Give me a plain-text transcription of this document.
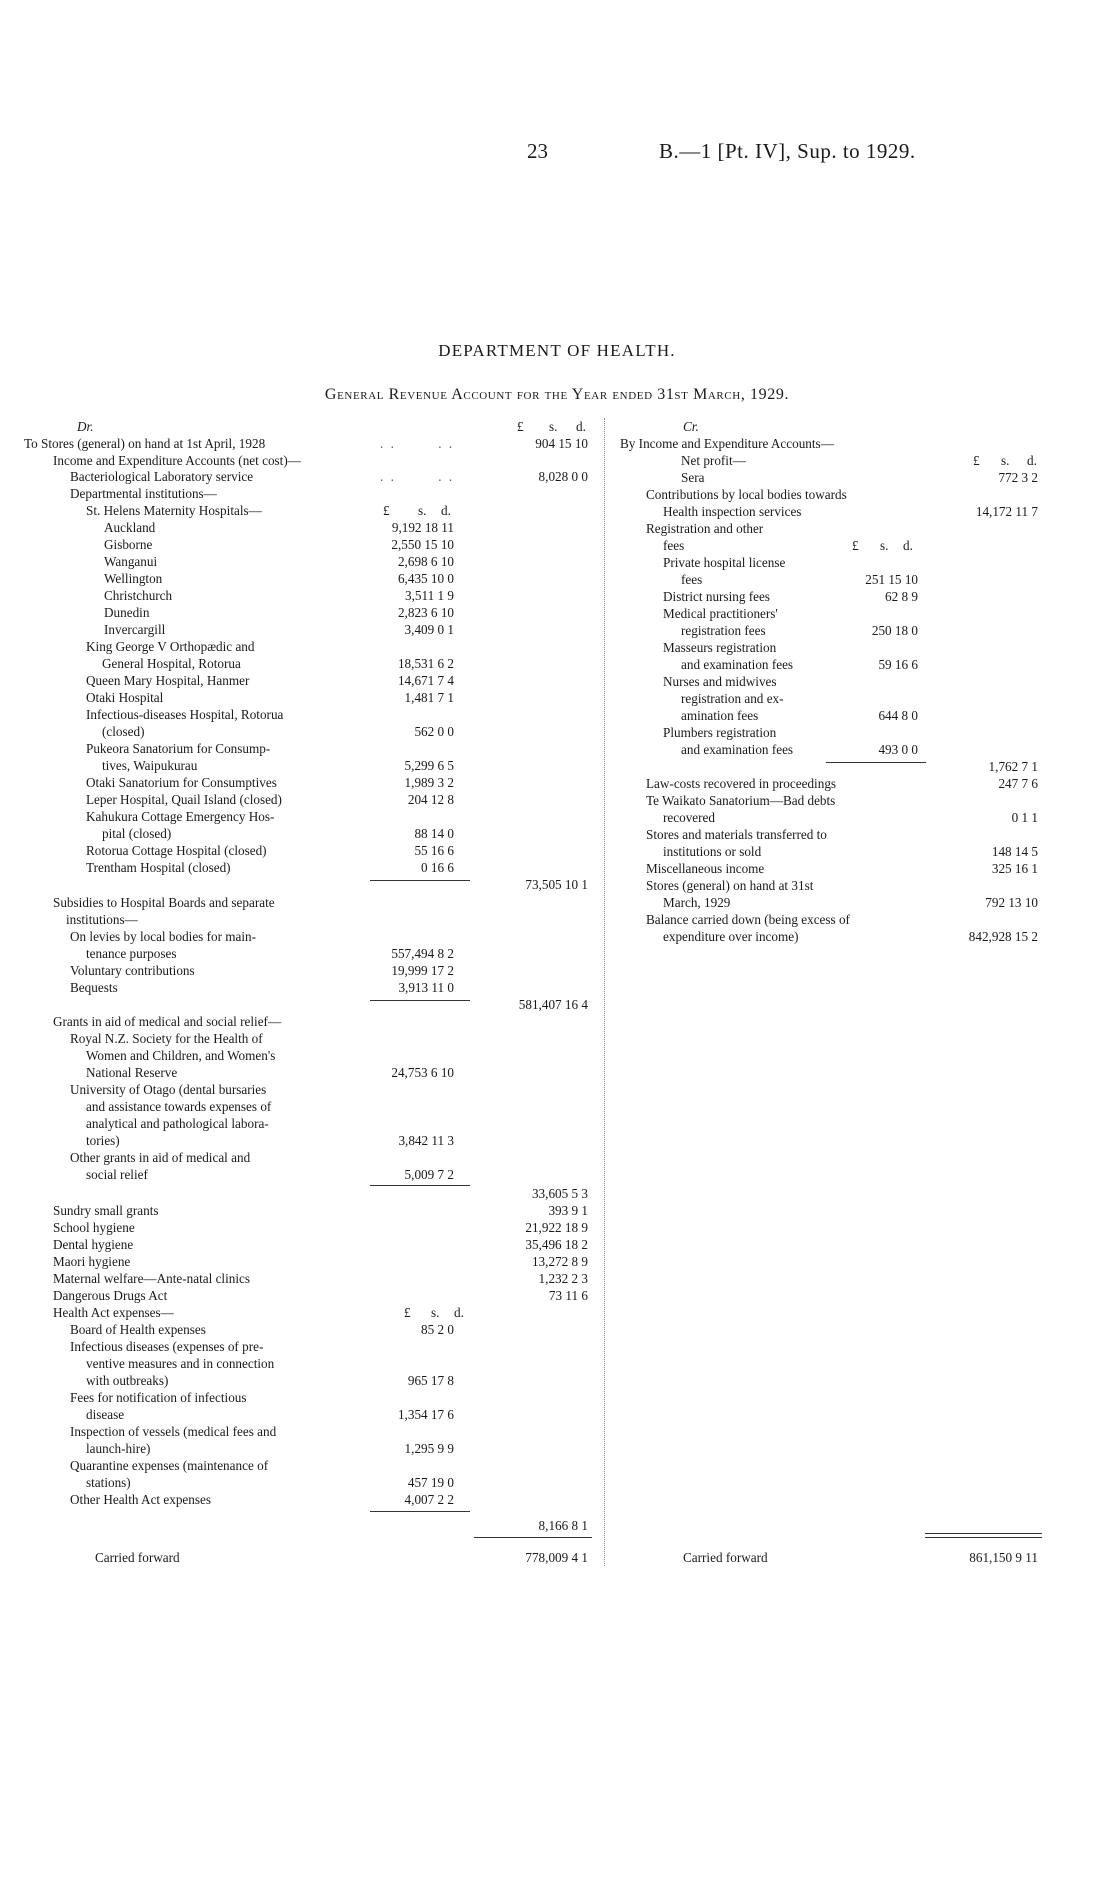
23	B.—1 [Pt. IV], Sup. to 1929.
DEPARTMENT OF HEALTH.
General Revenue Account for the Year ended 31st March, 1929.
Dr.	£ s. d.
To Stores (general) on hand at 1st April, 1928	. .        . .	904 15 10
Income and Expenditure Accounts (net cost)—
Bacteriological Laboratory service	. .        . .	8,028 0 0
Departmental institutions—
St. Helens Maternity Hospitals—	£ s. d.
Auckland	9,192 18 11
Gisborne	2,550 15 10
Wanganui	2,698 6 10
Wellington	6,435 10 0
Christchurch	3,511 1 9
Dunedin	2,823 6 10
Invercargill	3,409 0 1
King George V Orthopædic and
General Hospital, Rotorua	18,531 6 2
Queen Mary Hospital, Hanmer	14,671 7 4
Otaki Hospital	1,481 7 1
Infectious-diseases Hospital, Rotorua
(closed)	562 0 0
Pukeora Sanatorium for Consump-
tives, Waipukurau	5,299 6 5
Otaki Sanatorium for Consumptives	1,989 3 2
Leper Hospital, Quail Island (closed)	204 12 8
Kahukura Cottage Emergency Hos-
pital (closed)	88 14 0
Rotorua Cottage Hospital (closed)	55 16 6
Trentham Hospital (closed)	0 16 6
73,505 10 1
Subsidies to Hospital Boards and separate
institutions—
On levies by local bodies for main-
tenance purposes	557,494 8 2
Voluntary contributions	19,999 17 2
Bequests	3,913 11 0
581,407 16 4
Grants in aid of medical and social relief—
Royal N.Z. Society for the Health of
Women and Children, and Women's
National Reserve	24,753 6 10
University of Otago (dental bursaries
and assistance towards expenses of
analytical and pathological labora-
tories)	3,842 11 3
Other grants in aid of medical and
social relief	5,009 7 2
33,605 5 3
Sundry small grants	393 9 1
School hygiene	21,922 18 9
Dental hygiene	35,496 18 2
Maori hygiene	13,272 8 9
Maternal welfare—Ante-natal clinics	1,232 2 3
Dangerous Drugs Act	73 11 6
Health Act expenses—	£ s. d.
Board of Health expenses	85 2 0
Infectious diseases (expenses of pre-
ventive measures and in connection
with outbreaks)	965 17 8
Fees for notification of infectious
disease	1,354 17 6
Inspection of vessels (medical fees and
launch-hire)	1,295 9 9
Quarantine expenses (maintenance of
stations)	457 19 0
Other Health Act expenses	4,007 2 2
8,166 8 1
Carried forward	778,009 4 1
Cr.
By Income and Expenditure Accounts—
Net profit—	£ s. d.
Sera	772 3 2
Contributions by local bodies towards
Health inspection services	14,172 11 7
Registration and other
fees	£ s. d.
Private hospital license
fees	251 15 10
District nursing fees	62 8 9
Medical practitioners'
registration fees	250 18 0
Masseurs registration
and examination fees	59 16 6
Nurses and midwives
registration and ex-
amination fees	644 8 0
Plumbers registration
and examination fees	493 0 0
1,762 7 1
Law-costs recovered in proceedings	247 7 6
Te Waikato Sanatorium—Bad debts
recovered	0 1 1
Stores and materials transferred to
institutions or sold	148 14 5
Miscellaneous income	325 16 1
Stores (general) on hand at 31st
March, 1929	792 13 10
Balance carried down (being excess of
expenditure over income)	842,928 15 2
Carried forward	861,150 9 11
